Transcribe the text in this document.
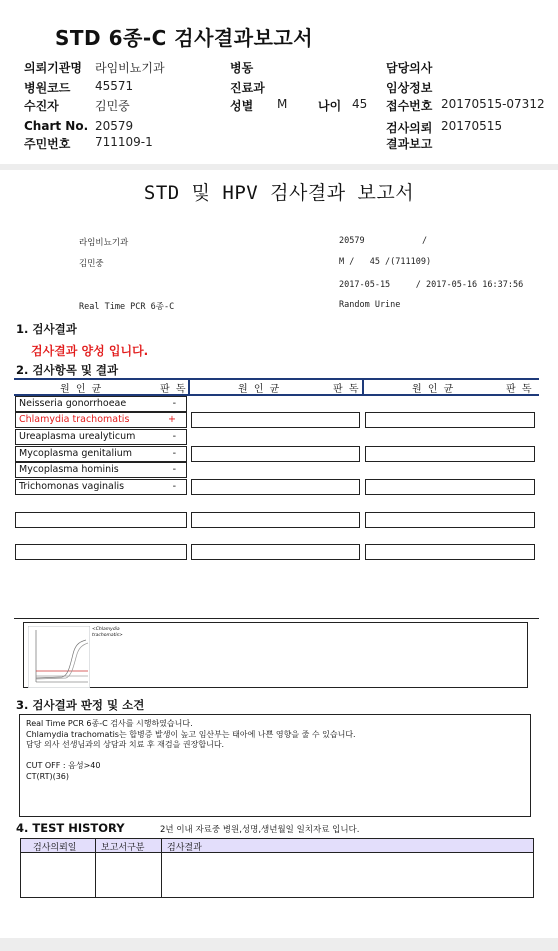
STD 6종-C 검사결과보고서
의뢰기관명 라임비뇨기과
병원코드 45571
수진자	김민중
Chart No. 20579
주민번호 711109-1
병동
진료과
성별 M	나이 45
담당의사
임상정보
접수번호 20170515-07312
검사의뢰 20170515
결과보고
STD 및 HPV 검사결과 보고서
라임비뇨기과	20579	/
김민중	M /   45 /(711109)
2017-05-15     / 2017-05-16 16:37:56
Real Time PCR 6종-C	Random Urine
1. 검사결과
검사결과 양성 입니다.
2. 검사항목 및 결과
원 인 균	판 독	원 인 균	판 독	원 인 균	판 독
Neisseria gonorrhoeae	-
Chlamydia trachomatis	+
Ureaplasma urealyticum	-
Mycoplasma genitalium	-
Mycoplasma hominis	-
Trichomonas vaginalis	-
<Chlamydia trachomatis>
3. 검사결과 판정 및 소견
Real Time PCR 6종-C 검사를 시행하였습니다.
Chlamydia trachomatis는 합병증 발생이 높고 임산부는 태아에 나쁜 영향을 줄 수 있습니다.
담당 의사 선생님과의 상담과 치료 후 재검을 권장합니다.
CUT OFF : 음성>40
CT(RT)(36)
4. TEST HISTORY	2년 이내 자료중 병원,성명,생년월일 일치자료 입니다.
검사의뢰일	보고서구분	검사결과
